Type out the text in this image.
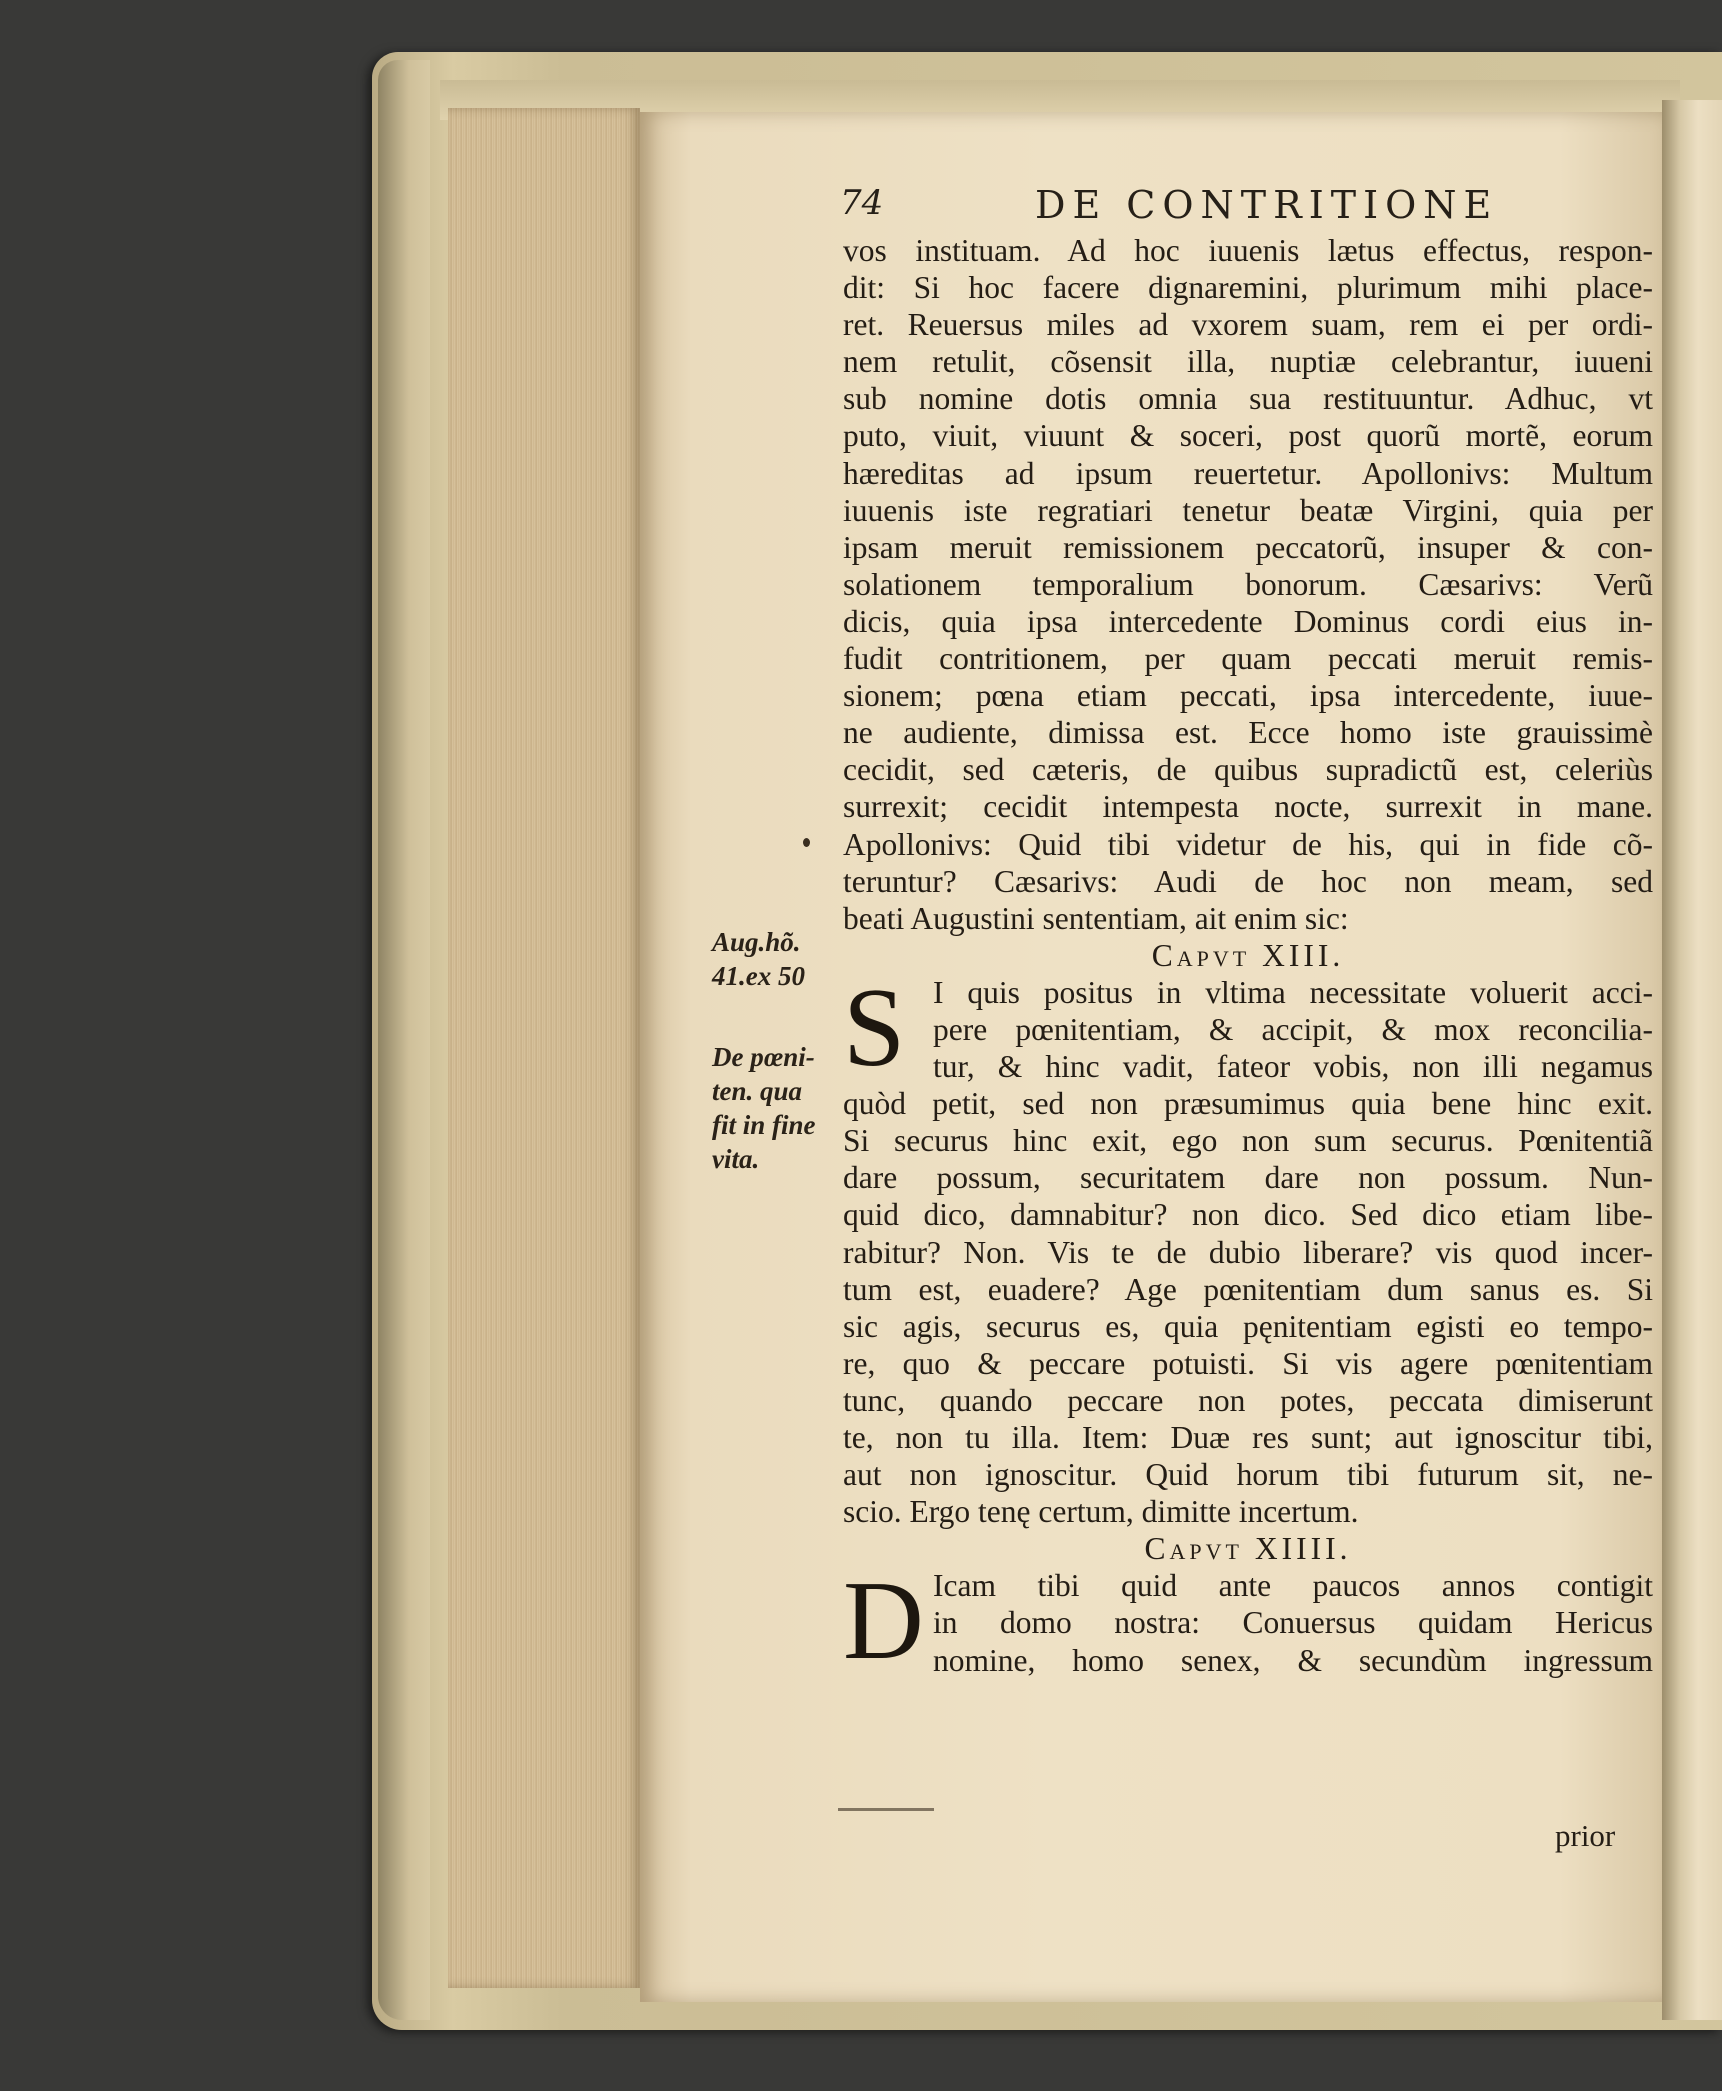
74	DE CONTRITIONE
Aug.hõ.
41.ex 50
De pœni-
ten. qua
fit in fine
vita.
vos instituam. Ad hoc iuuenis lætus effectus, respon-
dit: Si hoc facere dignaremini, plurimum mihi place-
ret. Reuersus miles ad vxorem suam, rem ei per ordi-
nem retulit, cõsensit illa, nuptiæ celebrantur, iuueni
sub nomine dotis omnia sua restituuntur. Adhuc, vt
puto, viuit, viuunt & soceri, post quorũ mortẽ, eorum
hæreditas ad ipsum reuertetur. Apollonivs: Multum
iuuenis iste regratiari tenetur beatæ Virgini, quia per
ipsam meruit remissionem peccatorũ, insuper & con-
solationem temporalium bonorum. Cæsarivs: Verũ
dicis, quia ipsa intercedente Dominus cordi eius in-
fudit contritionem, per quam peccati meruit remis-
sionem; pœna etiam peccati, ipsa intercedente, iuue-
ne audiente, dimissa est. Ecce homo iste grauissimè
cecidit, sed cæteris, de quibus supradictũ est, celeriùs
surrexit; cecidit intempesta nocte, surrexit in mane.
Apollonivs: Quid tibi videtur de his, qui in fide cõ-
teruntur? Cæsarivs: Audi de hoc non meam, sed
beati Augustini sententiam, ait enim sic:
Capvt XIII.
S I quis positus in vltima necessitate voluerit acci-
pere pœnitentiam, & accipit, & mox reconcilia-
tur, & hinc vadit, fateor vobis, non illi negamus
quòd petit, sed non præsumimus quia bene hinc exit.
Si securus hinc exit, ego non sum securus. Pœnitentiã
dare possum, securitatem dare non possum. Nun-
quid dico, damnabitur? non dico. Sed dico etiam libe-
rabitur? Non. Vis te de dubio liberare? vis quod incer-
tum est, euadere? Age pœnitentiam dum sanus es. Si
sic agis, securus es, quia pęnitentiam egisti eo tempo-
re, quo & peccare potuisti. Si vis agere pœnitentiam
tunc, quando peccare non potes, peccata dimiserunt
te, non tu illa. Item: Duæ res sunt; aut ignoscitur tibi,
aut non ignoscitur. Quid horum tibi futurum sit, ne-
scio. Ergo tenę certum, dimitte incertum.
Capvt XIIII.
D Icam tibi quid ante paucos annos contigit
in domo nostra: Conuersus quidam Hericus
nomine, homo senex, & secundùm ingressum
prior
